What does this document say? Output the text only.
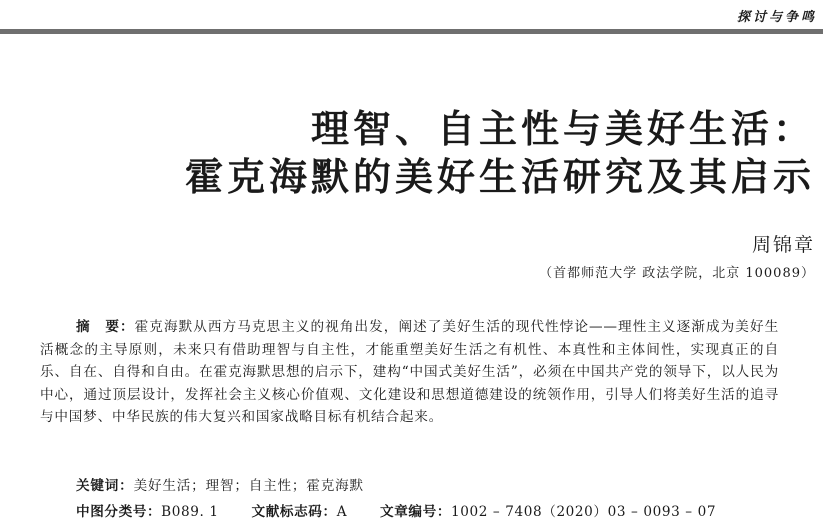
探讨与争鸣
理智、自主性与美好生活：
霍克海默的美好生活研究及其启示
周锦章
（首都师范大学 政法学院，北京 100089）
摘　要：霍克海默从西方马克思主义的视角出发，阐述了美好生活的现代性悖论——理性主义逐渐成为美好生活概念的主导原则，未来只有借助理智与自主性，才能重塑美好生活之有机性、本真性和主体间性，实现真正的自乐、自在、自得和自由。在霍克海默思想的启示下，建构“中国式美好生活”，必须在中国共产党的领导下，以人民为中心，通过顶层设计，发挥社会主义核心价值观、文化建设和思想道德建设的统领作用，引导人们将美好生活的追寻与中国梦、中华民族的伟大复兴和国家战略目标有机结合起来。
关键词：美好生活；理智；自主性；霍克海默
中图分类号：B089. 1 文献标志码：A 文章编号：1002 – 7408（2020）03 – 0093 – 07
